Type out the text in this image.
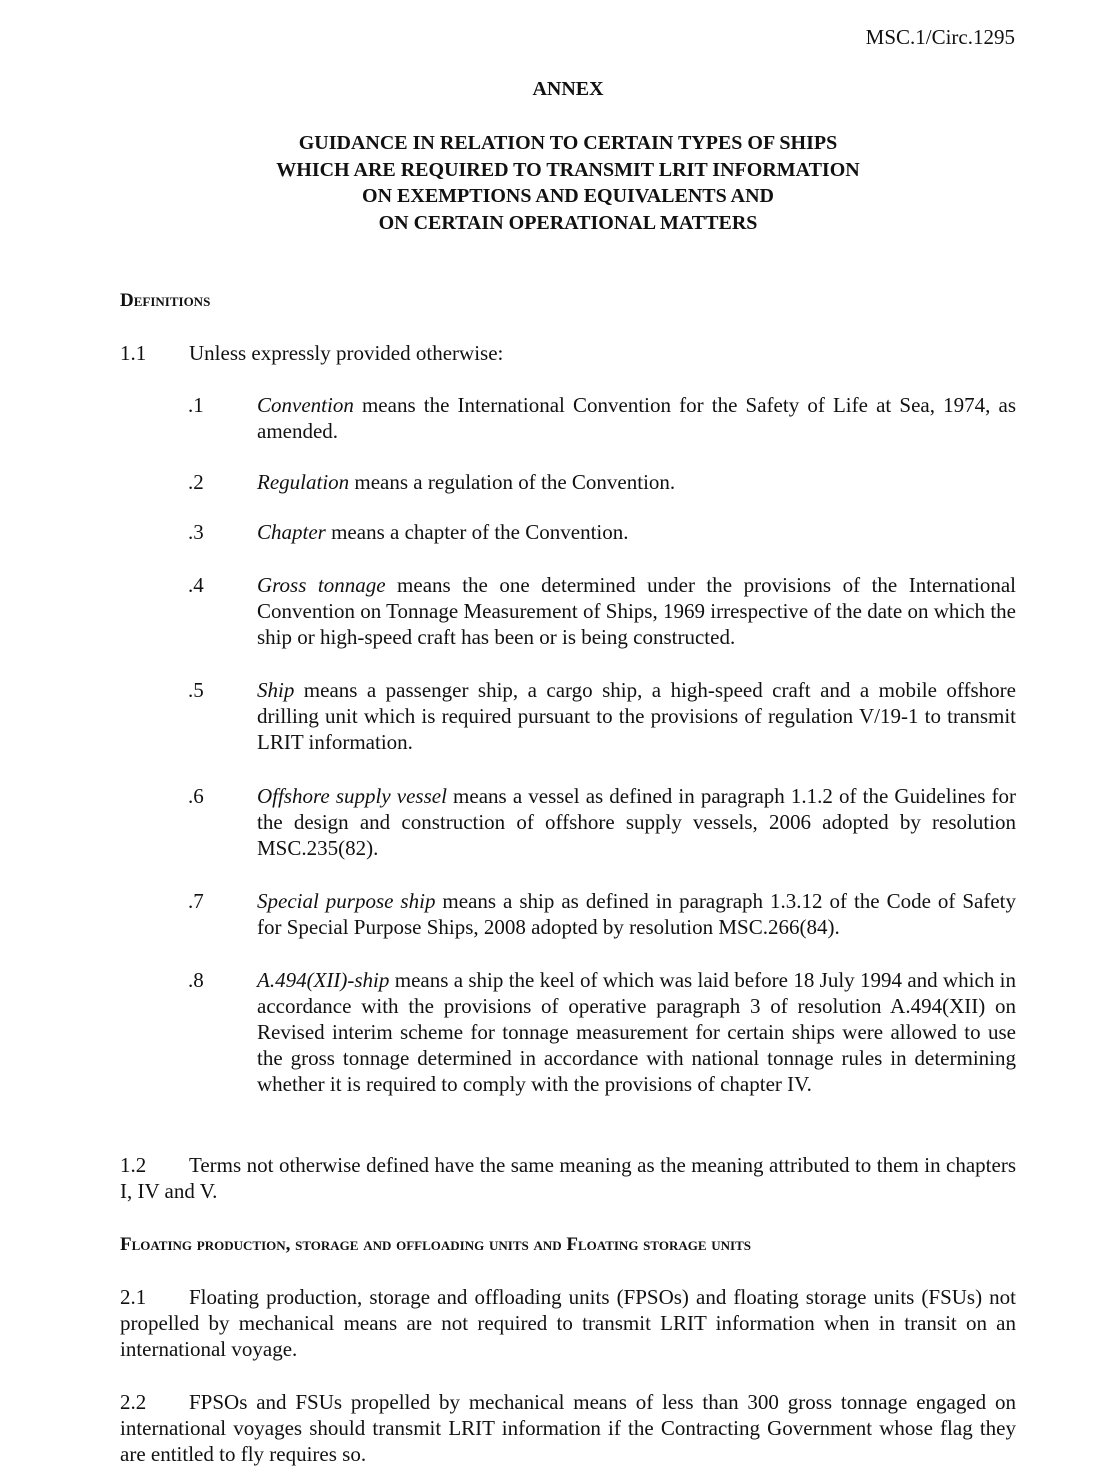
MSC.1/Circ.1295
ANNEX
GUIDANCE IN RELATION TO CERTAIN TYPES OF SHIPS
WHICH ARE REQUIRED TO TRANSMIT LRIT INFORMATION
ON EXEMPTIONS AND EQUIVALENTS AND
ON CERTAIN OPERATIONAL MATTERS
Definitions
1.1 Unless expressly provided otherwise:
.1	Convention means the International Convention for the Safety of Life at Sea, 1974, as amended.
.2	Regulation means a regulation of the Convention.
.3	Chapter means a chapter of the Convention.
.4	Gross tonnage means the one determined under the provisions of the International Convention on Tonnage Measurement of Ships, 1969 irrespective of the date on which the ship or high-speed craft has been or is being constructed.
.5	Ship means a passenger ship, a cargo ship, a high-speed craft and a mobile offshore drilling unit which is required pursuant to the provisions of regulation V/19-1 to transmit LRIT information.
.6	Offshore supply vessel means a vessel as defined in paragraph 1.1.2 of the Guidelines for the design and construction of offshore supply vessels, 2006 adopted by resolution MSC.235(82).
.7	Special purpose ship means a ship as defined in paragraph 1.3.12 of the Code of Safety for Special Purpose Ships, 2008 adopted by resolution MSC.266(84).
.8	A.494(XII)-ship means a ship the keel of which was laid before 18 July 1994 and which in accordance with the provisions of operative paragraph 3 of resolution A.494(XII) on Revised interim scheme for tonnage measurement for certain ships were allowed to use the gross tonnage determined in accordance with national tonnage rules in determining whether it is required to comply with the provisions of chapter IV.
1.2 Terms not otherwise defined have the same meaning as the meaning attributed to them in chapters I, IV and V.
Floating production, storage and offloading units and Floating storage units
2.1 Floating production, storage and offloading units (FPSOs) and floating storage units (FSUs) not propelled by mechanical means are not required to transmit LRIT information when in transit on an international voyage.
2.2 FPSOs and FSUs propelled by mechanical means of less than 300 gross tonnage engaged on international voyages should transmit LRIT information if the Contracting Government whose flag they are entitled to fly requires so.
